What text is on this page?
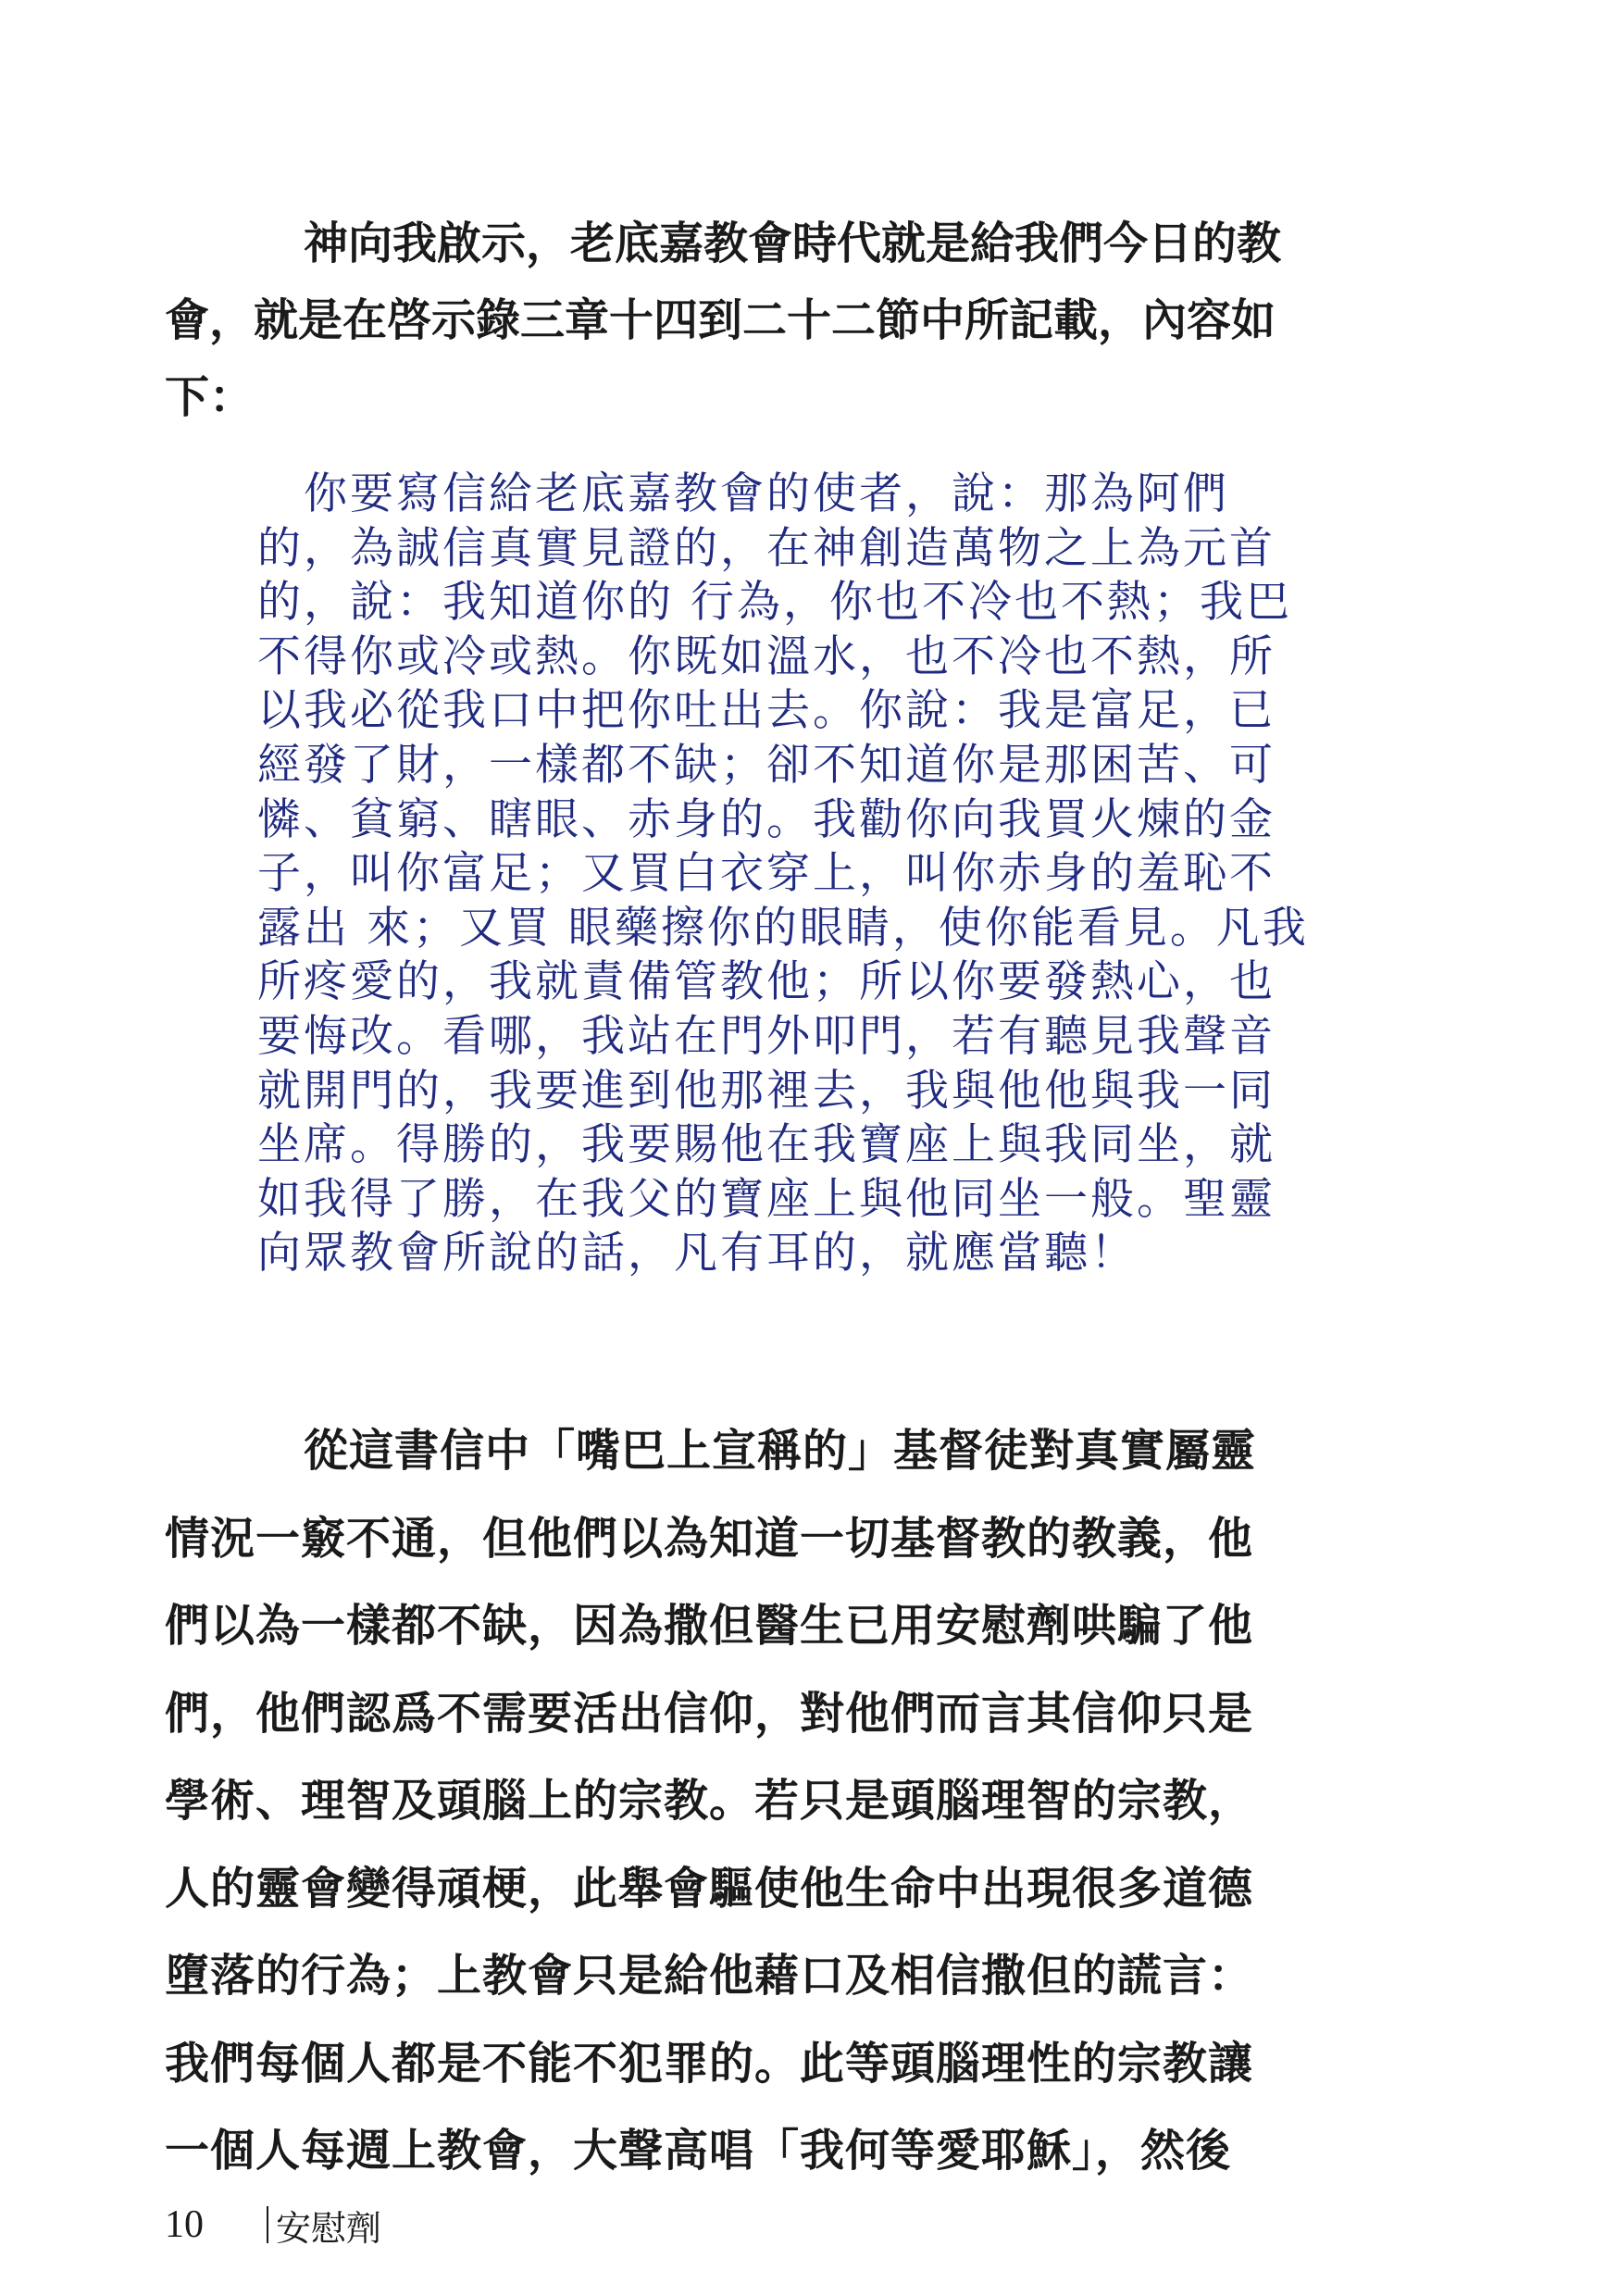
神向我啟示，老底嘉教會時代就是給我們今日的教
會，就是在啓示錄三章十四到二十二節中所記載，內容如
下：
你要寫信給老底嘉教會的使者，說：那為阿們
的，為誠信真實見證的，在神創造萬物之上為元首
的，說：我知道你的 行為，你也不冷也不熱；我巴
不得你或冷或熱。你既如溫水，也不冷也不熱，所
以我必從我口中把你吐出去。你說：我是富足，已
經發了財，一樣都不缺；卻不知道你是那困苦、可
憐、貧窮、瞎眼、赤身的。我勸你向我買火煉的金
子，叫你富足；又買白衣穿上，叫你赤身的羞恥不
露出 來；又買 眼藥擦你的眼睛，使你能看見。凡我
所疼愛的，我就責備管教他；所以你要發熱心，也
要悔改。看哪，我站在門外叩門，若有聽見我聲音
就開門的，我要進到他那裡去，我與他他與我一同
坐席。得勝的，我要賜他在我寶座上與我同坐，就
如我得了勝，在我父的寶座上與他同坐一般。聖靈
向眾教會所說的話，凡有耳的，就應當聽！
從這書信中「嘴巴上宣稱的」基督徒對真實屬靈
情況一竅不通，但他們以為知道一切基督教的教義，他
們以為一樣都不缺，因為撒但醫生已用安慰劑哄騙了他
們，他們認爲不需要活出信仰，對他們而言其信仰只是
學術、理智及頭腦上的宗教。若只是頭腦理智的宗教，
人的靈會變得頑梗，此舉會驅使他生命中出現很多道德
墮落的行為；上教會只是給他藉口及相信撒但的謊言：
我們每個人都是不能不犯罪的。此等頭腦理性的宗教讓
一個人每週上教會，大聲高唱「我何等愛耶穌」，然後
10 安慰劑
